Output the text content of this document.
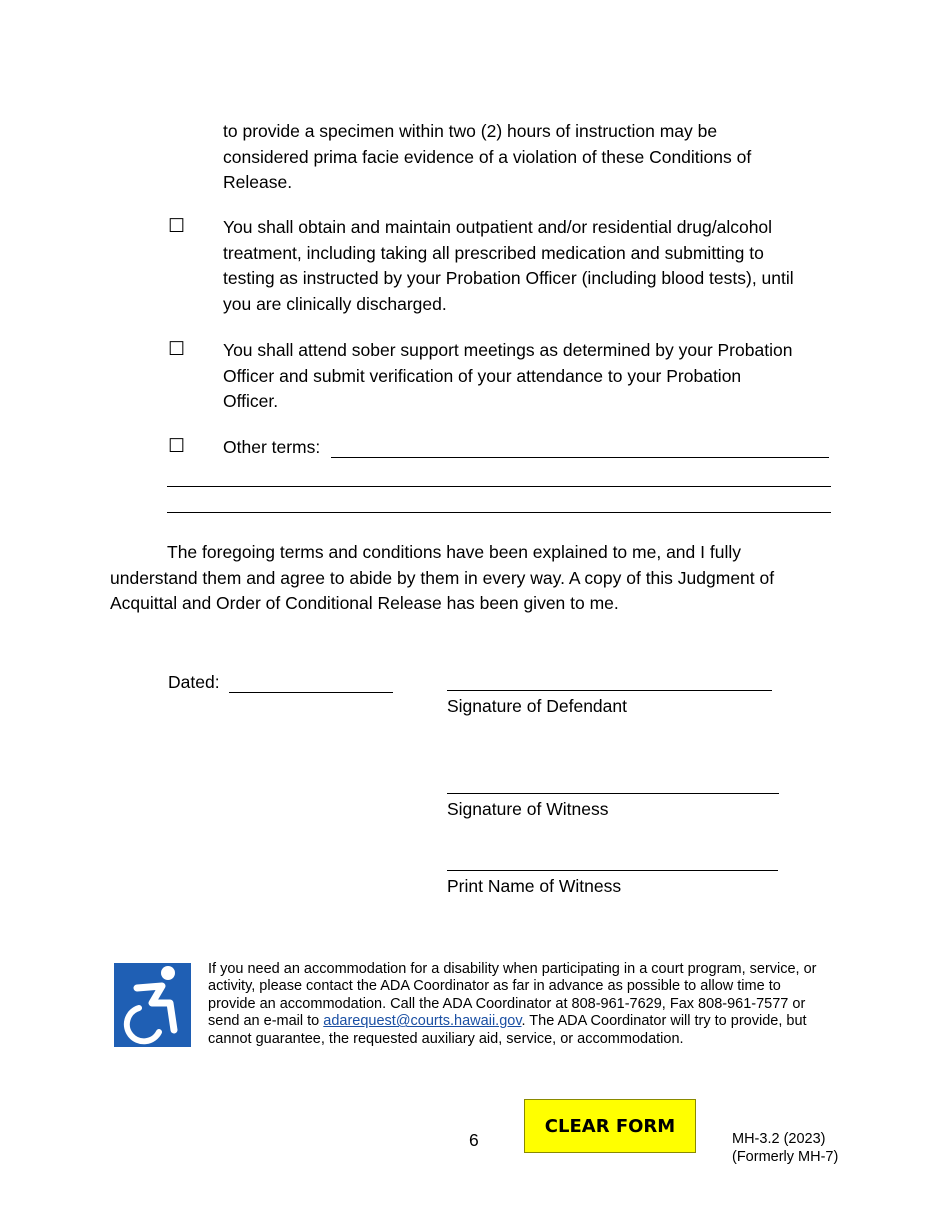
to provide a specimen within two (2) hours of instruction may be
considered prima facie evidence of a violation of these Conditions of
Release.
☐ You shall obtain and maintain outpatient and/or residential drug/alcohol
treatment, including taking all prescribed medication and submitting to
testing as instructed by your Probation Officer (including blood tests), until
you are clinically discharged.
☐ You shall attend sober support meetings as determined by your Probation
Officer and submit verification of your attendance to your Probation
Officer.
☐ Other terms:
The foregoing terms and conditions have been explained to me, and I fully
understand them and agree to abide by them in every way. A copy of this Judgment of
Acquittal and Order of Conditional Release has been given to me.
Dated:
Signature of Defendant
Signature of Witness
Print Name of Witness
If you need an accommodation for a disability when participating in a court program, service, or activity, please contact the ADA Coordinator as far in advance as possible to allow time to provide an accommodation. Call the ADA Coordinator at 808-961-7629, Fax 808-961-7577 or send an e-mail to adarequest@courts.hawaii.gov. The ADA Coordinator will try to provide, but cannot guarantee, the requested auxiliary aid, service, or accommodation.
6
CLEAR FORM
MH-3.2 (2023)
(Formerly MH-7)
